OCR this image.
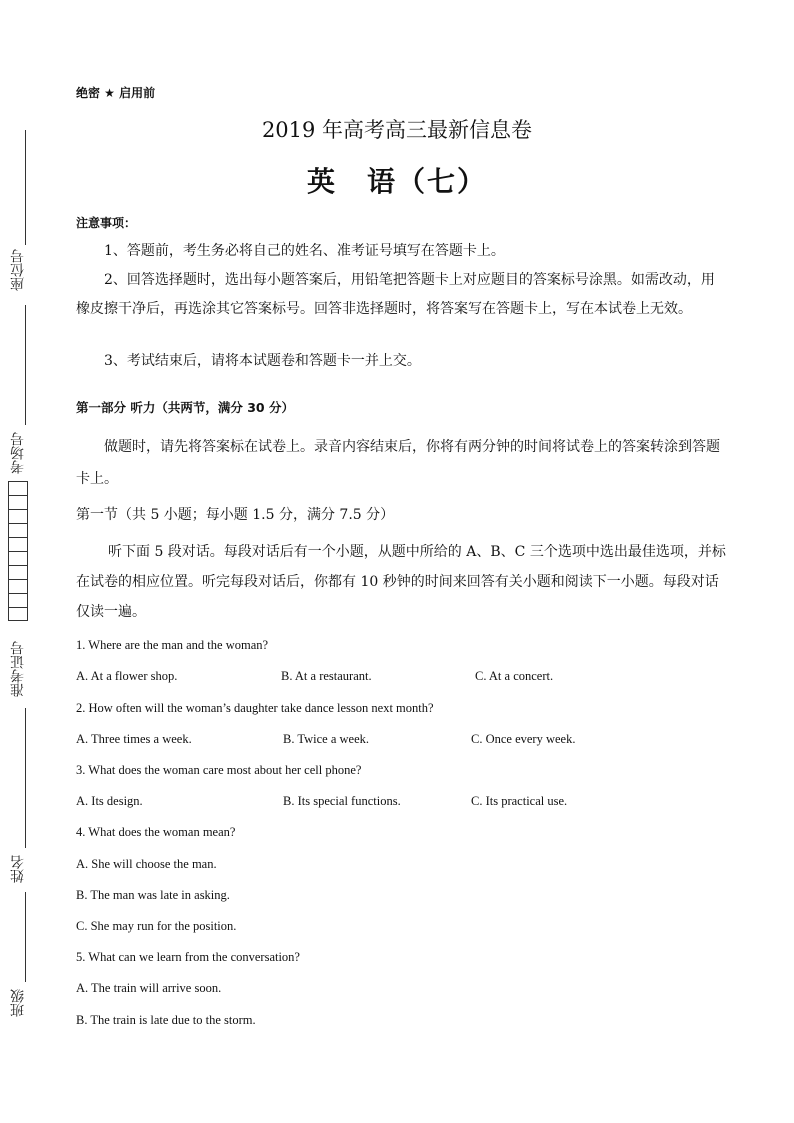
座位号
考场号
准考证号
姓名
班级
绝密 ★ 启用前
2019 年高考高三最新信息卷
英　语（七）
注意事项：
1、答题前，考生务必将自己的姓名、准考证号填写在答题卡上。
2、回答选择题时，选出每小题答案后，用铅笔把答题卡上对应题目的答案标号涂黑。如需改动，用橡皮擦干净后，再选涂其它答案标号。回答非选择题时，将答案写在答题卡上，写在本试卷上无效。
3、考试结束后，请将本试题卷和答题卡一并上交。
第一部分 听力（共两节，满分 30 分）
做题时，请先将答案标在试卷上。录音内容结束后，你将有两分钟的时间将试卷上的答案转涂到答题卡上。
第一节（共 5 小题；每小题 1.5 分，满分 7.5 分）
听下面 5 段对话。每段对话后有一个小题，从题中所给的 A、B、C 三个选项中选出最佳选项，并标在试卷的相应位置。听完每段对话后，你都有 10 秒钟的时间来回答有关小题和阅读下一小题。每段对话仅读一遍。
1. Where are the man and the woman?
A. At a flower shop.	B. At a restaurant.	C. At a concert.
2. How often will the woman’s daughter take dance lesson next month?
A. Three times a week.	B. Twice a week.	C. Once every week.
3. What does the woman care most about her cell phone?
A. Its design.	B. Its special functions.	C. Its practical use.
4. What does the woman mean?
A. She will choose the man.
B. The man was late in asking.
C. She may run for the position.
5. What can we learn from the conversation?
A. The train will arrive soon.
B. The train is late due to the storm.
